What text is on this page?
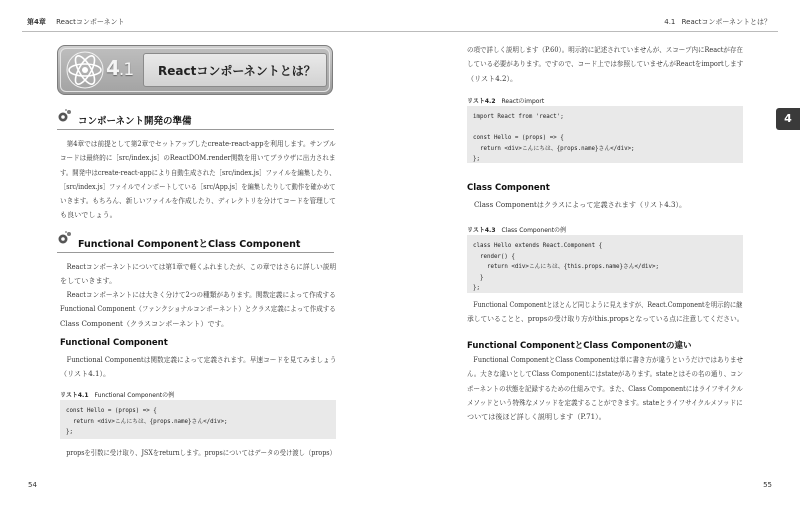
第4章 Reactコンポーネント
4.1 Reactコンポーネントとは？
コンポーネント開発の準備
第4章では前提として第2章でセットアップしたcreate-react-appを利用します。サンプル
コードは最終的に［src/index.js］のReactDOM.render関数を用いてブラウザに出力されま
す。開発中はcreate-react-appにより自動生成された［src/index.js］ファイルを編集したり、
［src/index.js］ファイルでインポートしている［src/App.js］を編集したりして動作を確かめて
いきます。もちろん、新しいファイルを作成したり、ディレクトリを分けてコードを管理して
も良いでしょう。
Functional ComponentとClass Component
Reactコンポーネントについては第1章で軽くふれましたが、この章ではさらに詳しい説明
をしていきます。
Reactコンポーネントには大きく分けて2つの種類があります。関数定義によって作成する
Functional Component（ファンクショナルコンポーネント）とクラス定義によって作成する
Class Component（クラスコンポーネント）です。
Functional Component
Functional Componentは関数定義によって定義されます。早速コードを見てみましょう
（リスト4.1）。
リスト4.1 Functional Componentの例
const Hello = (props) => {
return <div>こんにちは、{props.name}さん</div>;
};
propsを引数に受け取り、JSXをreturnします。propsについてはデータの受け渡し（props）
54
4.1 Reactコンポーネントとは？
4
の項で詳しく説明します（P.60）。明示的に記述されていませんが、スコープ内にReactが存在
している必要があります。ですので、コード上では参照していませんがReactをimportします
（リスト4.2）。
リスト4.2 Reactのimport
import React from 'react';
const Hello = (props) => {
return <div>こんにちは、{props.name}さん</div>;
};
Class Component
Class Componentはクラスによって定義されます（リスト4.3）。
リスト4.3 Class Componentの例
class Hello extends React.Component {
render() {
return <div>こんにちは、{this.props.name}さん</div>;
}
};
Functional Componentとほとんど同じように見えますが、React.Componentを明示的に継
承していることと、propsの受け取り方がthis.propsとなっている点に注意してください。
Functional ComponentとClass Componentの違い
Functional ComponentとClass Componentは単に書き方が違うというだけではありませ
ん。大きな違いとしてClass Componentにはstateがあります。stateとはその名の通り、コン
ポーネントの状態を記録するための仕組みです。また、Class Componentにはライフサイクル
メソッドという特殊なメソッドを定義することができます。stateとライフサイクルメソッドに
ついては後ほど詳しく説明します（P.71）。
55
